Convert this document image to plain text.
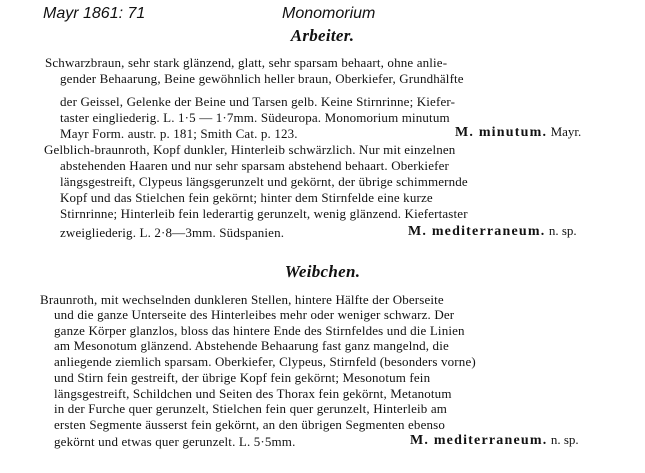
Mayr 1861: 71	Monomorium
Arbeiter.
Schwarzbraun, sehr stark glänzend, glatt, sehr sparsam behaart, ohne anlie-
gender Behaarung, Beine gewöhnlich heller braun, Oberkiefer, Grundhälfte
der Geissel, Gelenke der Beine und Tarsen gelb. Keine Stirnrinne; Kiefer-
taster eingliederig. L. 1·5 — 1·7mm. Südeuropa. Monomorium minutum
Mayr Form. austr. p. 181; Smith Cat. p. 123.	M. minutum. Mayr.
Gelblich-braunroth, Kopf dunkler, Hinterleib schwärzlich. Nur mit einzelnen
abstehenden Haaren und nur sehr sparsam abstehend behaart. Oberkiefer
längsgestreift, Clypeus längsgerunzelt und gekörnt, der übrige schimmernde
Kopf und das Stielchen fein gekörnt; hinter dem Stirnfelde eine kurze
Stirnrinne; Hinterleib fein lederartig gerunzelt, wenig glänzend. Kiefertaster
zweigliederig. L. 2·8—3mm. Südspanien.	M. mediterraneum. n. sp.
Weibchen.
Braunroth, mit wechselnden dunkleren Stellen, hintere Hälfte der Oberseite
und die ganze Unterseite des Hinterleibes mehr oder weniger schwarz. Der
ganze Körper glanzlos, bloss das hintere Ende des Stirnfeldes und die Linien
am Mesonotum glänzend. Abstehende Behaarung fast ganz mangelnd, die
anliegende ziemlich sparsam. Oberkiefer, Clypeus, Stirnfeld (besonders vorne)
und Stirn fein gestreift, der übrige Kopf fein gekörnt; Mesonotum fein
längsgestreift, Schildchen und Seiten des Thorax fein gekörnt, Metanotum
in der Furche quer gerunzelt, Stielchen fein quer gerunzelt, Hinterleib am
ersten Segmente äusserst fein gekörnt, an den übrigen Segmenten ebenso
gekörnt und etwas quer gerunzelt. L. 5·5mm.	M. mediterraneum. n. sp.
